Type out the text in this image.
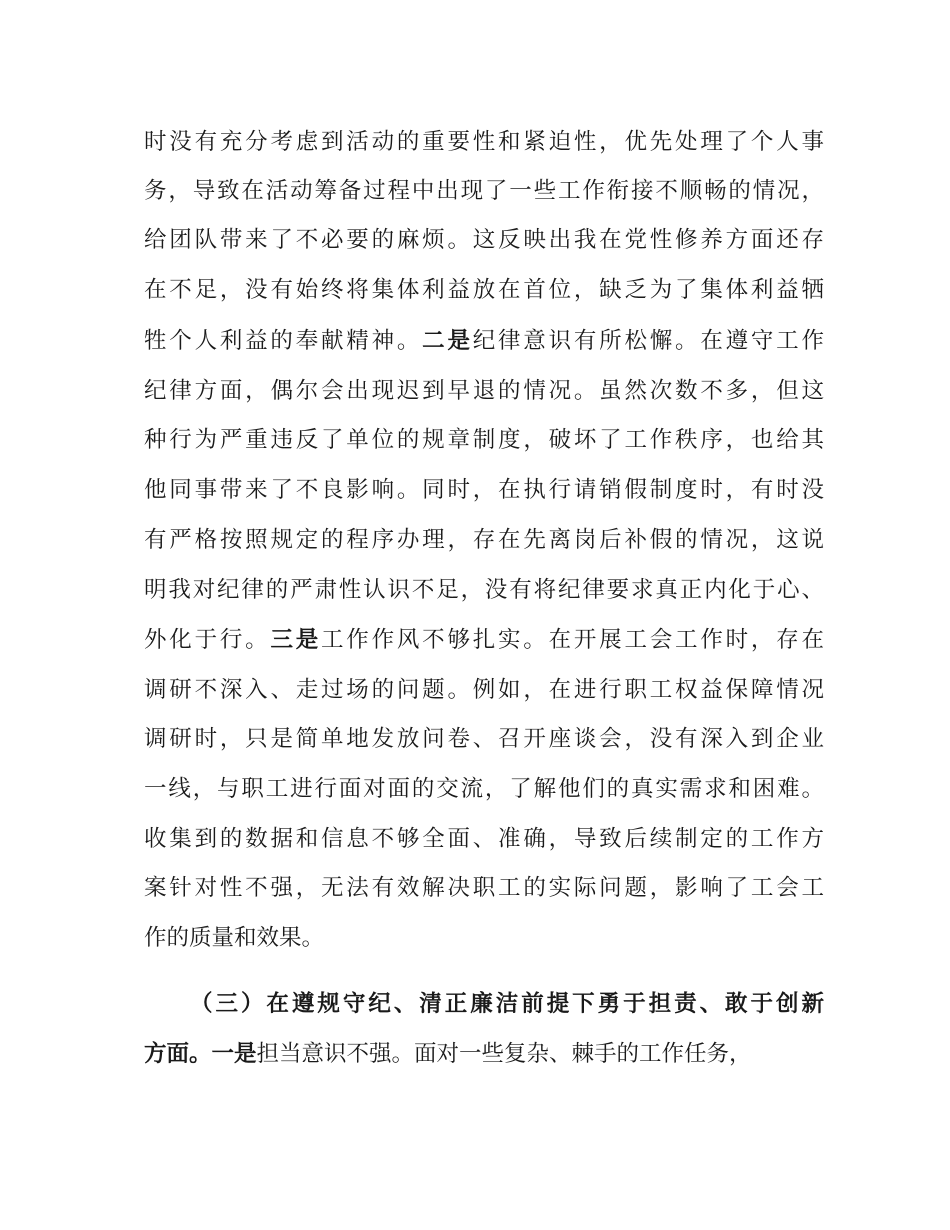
时没有充分考虑到活动的重要性和紧迫性，优先处理了个人事
务，导致在活动筹备过程中出现了一些工作衔接不顺畅的情况，
给团队带来了不必要的麻烦。这反映出我在党性修养方面还存
在不足，没有始终将集体利益放在首位，缺乏为了集体利益牺
牲个人利益的奉献精神。二是纪律意识有所松懈。在遵守工作
纪律方面，偶尔会出现迟到早退的情况。虽然次数不多，但这
种行为严重违反了单位的规章制度，破坏了工作秩序，也给其
他同事带来了不良影响。同时，在执行请销假制度时，有时没
有严格按照规定的程序办理，存在先离岗后补假的情况，这说
明我对纪律的严肃性认识不足，没有将纪律要求真正内化于心、
外化于行。三是工作作风不够扎实。在开展工会工作时，存在
调研不深入、走过场的问题。例如，在进行职工权益保障情况
调研时，只是简单地发放问卷、召开座谈会，没有深入到企业
一线，与职工进行面对面的交流，了解他们的真实需求和困难。
收集到的数据和信息不够全面、准确，导致后续制定的工作方
案针对性不强，无法有效解决职工的实际问题，影响了工会工
作的质量和效果。
（三）在遵规守纪、清正廉洁前提下勇于担责、敢于创新
方面。一是担当意识不强。面对一些复杂、棘手的工作任务，
